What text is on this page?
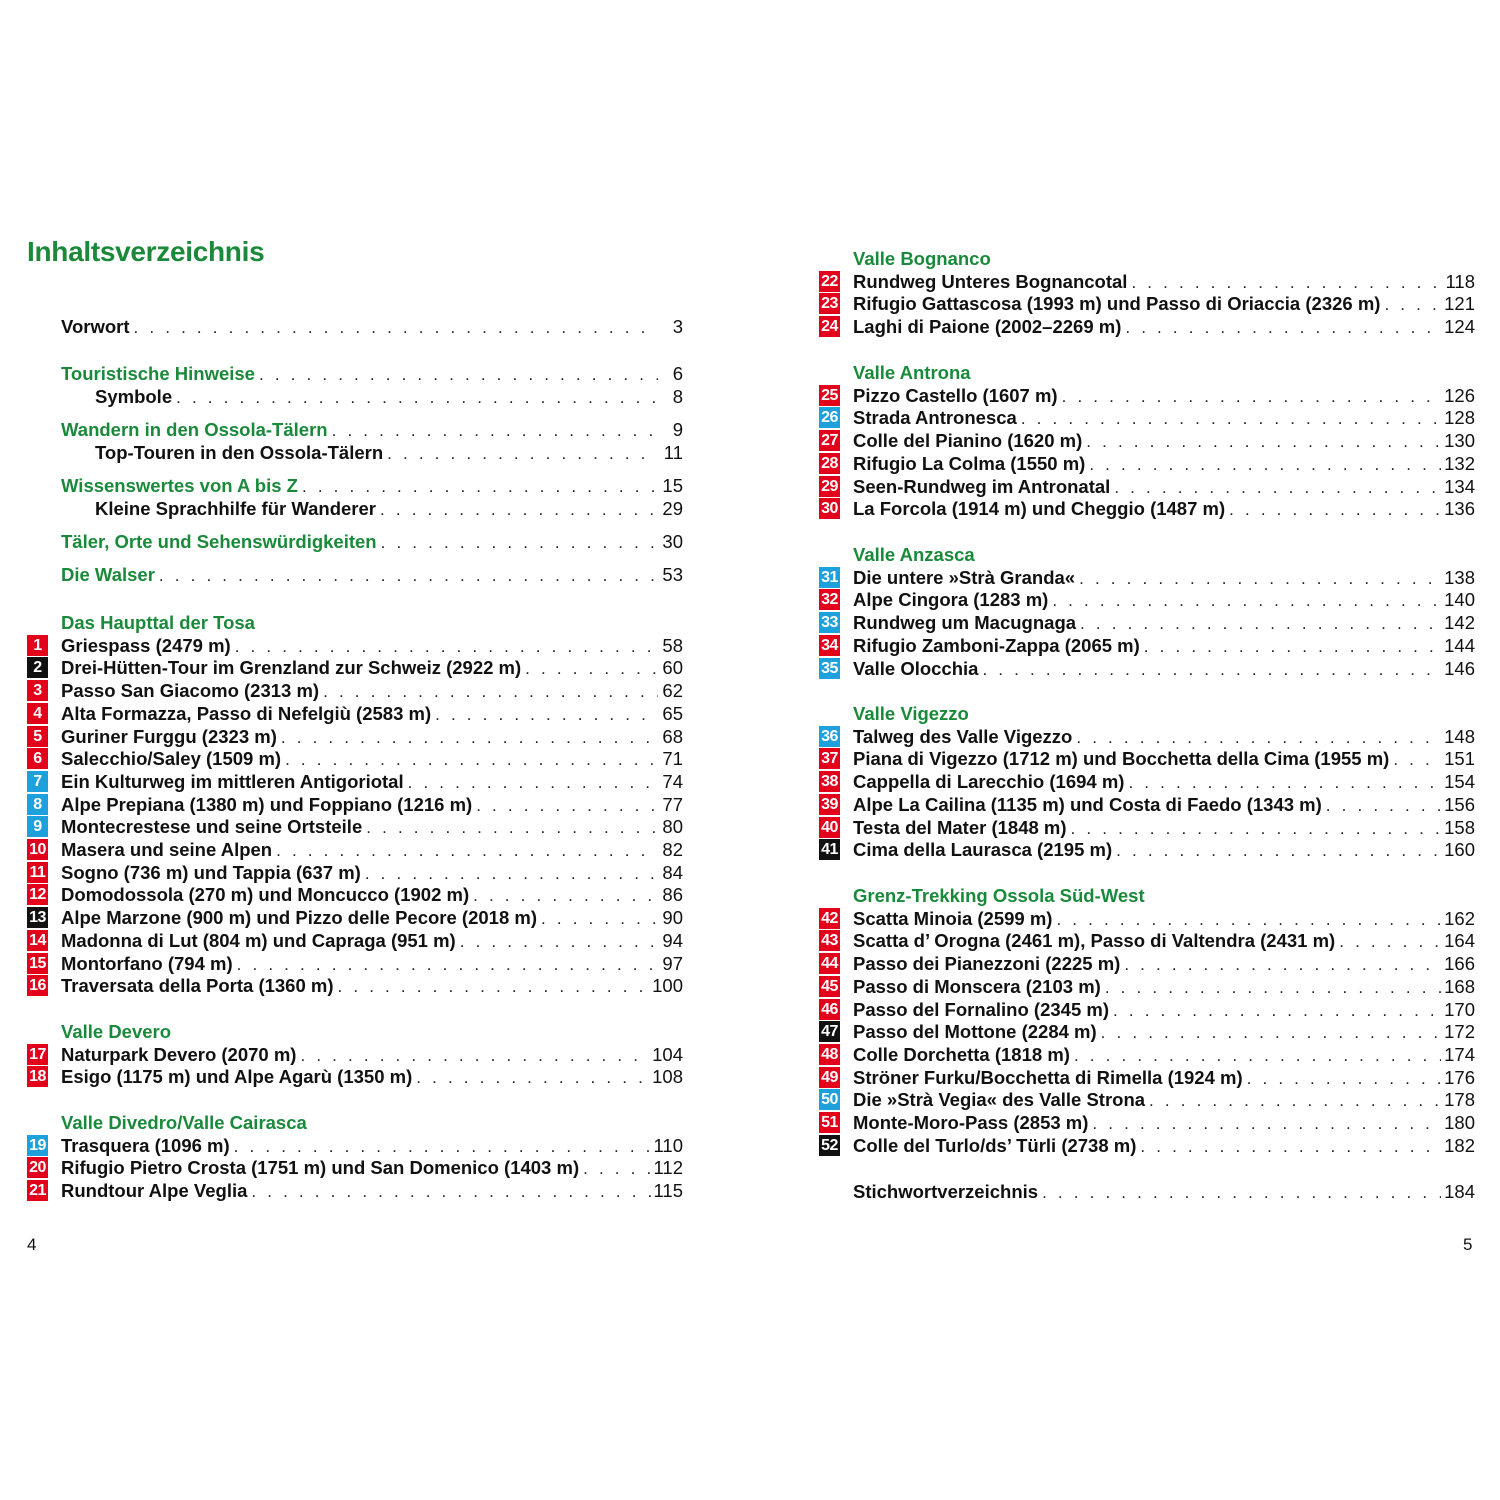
Inhaltsverzeichnis
Vorwort . . .	3
Touristische Hinweise . . .	6
Symbole . . .	8
Wandern in den Ossola-Tälern . . .	9
Top-Touren in den Ossola-Tälern . . .	11
Wissenswertes von A bis Z . . .	15
Kleine Sprachhilfe für Wanderer . . .	29
Täler, Orte und Sehenswürdigkeiten . . .	30
Die Walser . . .	53
Das Haupttal der Tosa
1	Griespass (2479 m) . . .	58
2	Drei-Hütten-Tour im Grenzland zur Schweiz (2922 m) . . .	60
3	Passo San Giacomo (2313 m) . . .	62
4	Alta Formazza, Passo di Nefelgiù (2583 m) . . .	65
5	Guriner Furggu (2323 m) . . .	68
6	Salecchio/Saley (1509 m) . . .	71
7	Ein Kulturweg im mittleren Antigoriotal . . .	74
8	Alpe Prepiana (1380 m) und Foppiano (1216 m) . . .	77
9	Montecrestese und seine Ortsteile . . .	80
10 Masera und seine Alpen . . .	82
11 Sogno (736 m) und Tappia (637 m) . . .	84
12 Domodossola (270 m) und Moncucco (1902 m) . . .	86
13 Alpe Marzone (900 m) und Pizzo delle Pecore (2018 m) . . .	90
14 Madonna di Lut (804 m) und Capraga (951 m) . . .	94
15 Montorfano (794 m) . . .	97
16 Traversata della Porta (1360 m) . . .	100
Valle Devero
17 Naturpark Devero (2070 m) . . .	104
18 Esigo (1175 m) und Alpe Agarù (1350 m) . . .	108
Valle Divedro/Valle Cairasca
19 Trasquera (1096 m) . . .	110
20 Rifugio Pietro Crosta (1751 m) und San Domenico (1403 m) . . .	112
21 Rundtour Alpe Veglia . . .	115
4
Valle Bognanco
22 Rundweg Unteres Bognancotal . . .	118
23 Rifugio Gattascosa (1993 m) und Passo di Oriaccia (2326 m) . . .	121
24 Laghi di Paione (2002–2269 m) . . .	124
Valle Antrona
25 Pizzo Castello (1607 m) . . .	126
26 Strada Antronesca . . .	128
27 Colle del Pianino (1620 m) . . .	130
28 Rifugio La Colma (1550 m) . . .	132
29 Seen-Rundweg im Antronatal . . .	134
30 La Forcola (1914 m) und Cheggio (1487 m) . . .	136
Valle Anzasca
31 Die untere »Strà Granda« . . .	138
32 Alpe Cingora (1283 m) . . .	140
33 Rundweg um Macugnaga . . .	142
34 Rifugio Zamboni-Zappa (2065 m) . . .	144
35 Valle Olocchia . . .	146
Valle Vigezzo
36 Talweg des Valle Vigezzo . . .	148
37 Piana di Vigezzo (1712 m) und Bocchetta della Cima (1955 m) . . .	151
38 Cappella di Larecchio (1694 m) . . .	154
39 Alpe La Cailina (1135 m) und Costa di Faedo (1343 m) . . .	156
40 Testa del Mater (1848 m) . . .	158
41 Cima della Laurasca (2195 m) . . .	160
Grenz-Trekking Ossola Süd-West
42 Scatta Minoia (2599 m) . . .	162
43 Scatta d’ Orogna (2461 m), Passo di Valtendra (2431 m) . . .	164
44 Passo dei Pianezzoni (2225 m) . . .	166
45 Passo di Monscera (2103 m) . . .	168
46 Passo del Fornalino (2345 m) . . .	170
47 Passo del Mottone (2284 m) . . .	172
48 Colle Dorchetta (1818 m) . . .	174
49 Ströner Furku/Bocchetta di Rimella (1924 m) . . .	176
50 Die »Strà Vegia« des Valle Strona . . .	178
51 Monte-Moro-Pass (2853 m) . . .	180
52 Colle del Turlo/ds’ Türli (2738 m) . . .	182
Stichwortverzeichnis . . .	184
5
